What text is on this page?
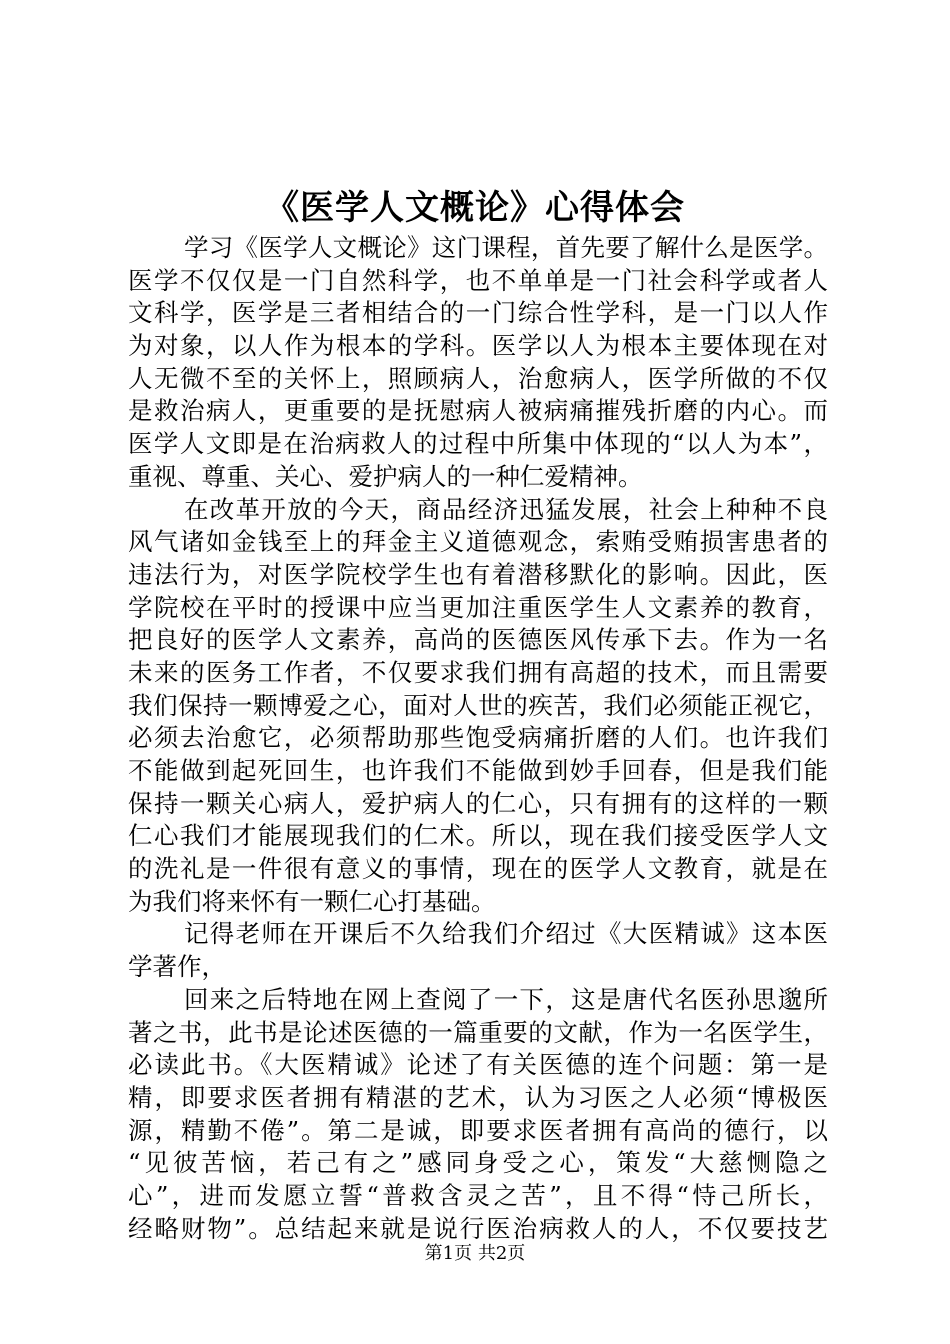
《医学人文概论》心得体会
学习《医学人文概论》这门课程，首先要了解什么是医学。
医学不仅仅是一门自然科学，也不单单是一门社会科学或者人
文科学，医学是三者相结合的一门综合性学科，是一门以人作
为对象，以人作为根本的学科。医学以人为根本主要体现在对
人无微不至的关怀上，照顾病人，治愈病人，医学所做的不仅
是救治病人，更重要的是抚慰病人被病痛摧残折磨的内心。而
医学人文即是在治病救人的过程中所集中体现的“以人为本”，
重视、尊重、关心、爱护病人的一种仁爱精神。
在改革开放的今天，商品经济迅猛发展，社会上种种不良
风气诸如金钱至上的拜金主义道德观念，索贿受贿损害患者的
违法行为，对医学院校学生也有着潜移默化的影响。因此，医
学院校在平时的授课中应当更加注重医学生人文素养的教育，
把良好的医学人文素养，高尚的医德医风传承下去。作为一名
未来的医务工作者，不仅要求我们拥有高超的技术，而且需要
我们保持一颗博爱之心，面对人世的疾苦，我们必须能正视它，
必须去治愈它，必须帮助那些饱受病痛折磨的人们。也许我们
不能做到起死回生，也许我们不能做到妙手回春，但是我们能
保持一颗关心病人，爱护病人的仁心，只有拥有的这样的一颗
仁心我们才能展现我们的仁术。所以，现在我们接受医学人文
的洗礼是一件很有意义的事情，现在的医学人文教育，就是在
为我们将来怀有一颗仁心打基础。
记得老师在开课后不久给我们介绍过《大医精诚》这本医
学著作，
回来之后特地在网上查阅了一下，这是唐代名医孙思邈所
著之书，此书是论述医德的一篇重要的文献，作为一名医学生，
必读此书。《大医精诚》论述了有关医德的连个问题：第一是
精，即要求医者拥有精湛的艺术，认为习医之人必须“博极医
源，精勤不倦”。第二是诚，即要求医者拥有高尚的德行，以
“见彼苦恼，若己有之”感同身受之心，策发“大慈恻隐之
心”，进而发愿立誓“普救含灵之苦”，且不得“恃己所长，
经略财物”。总结起来就是说行医治病救人的人，不仅要技艺
第1页 共2页
